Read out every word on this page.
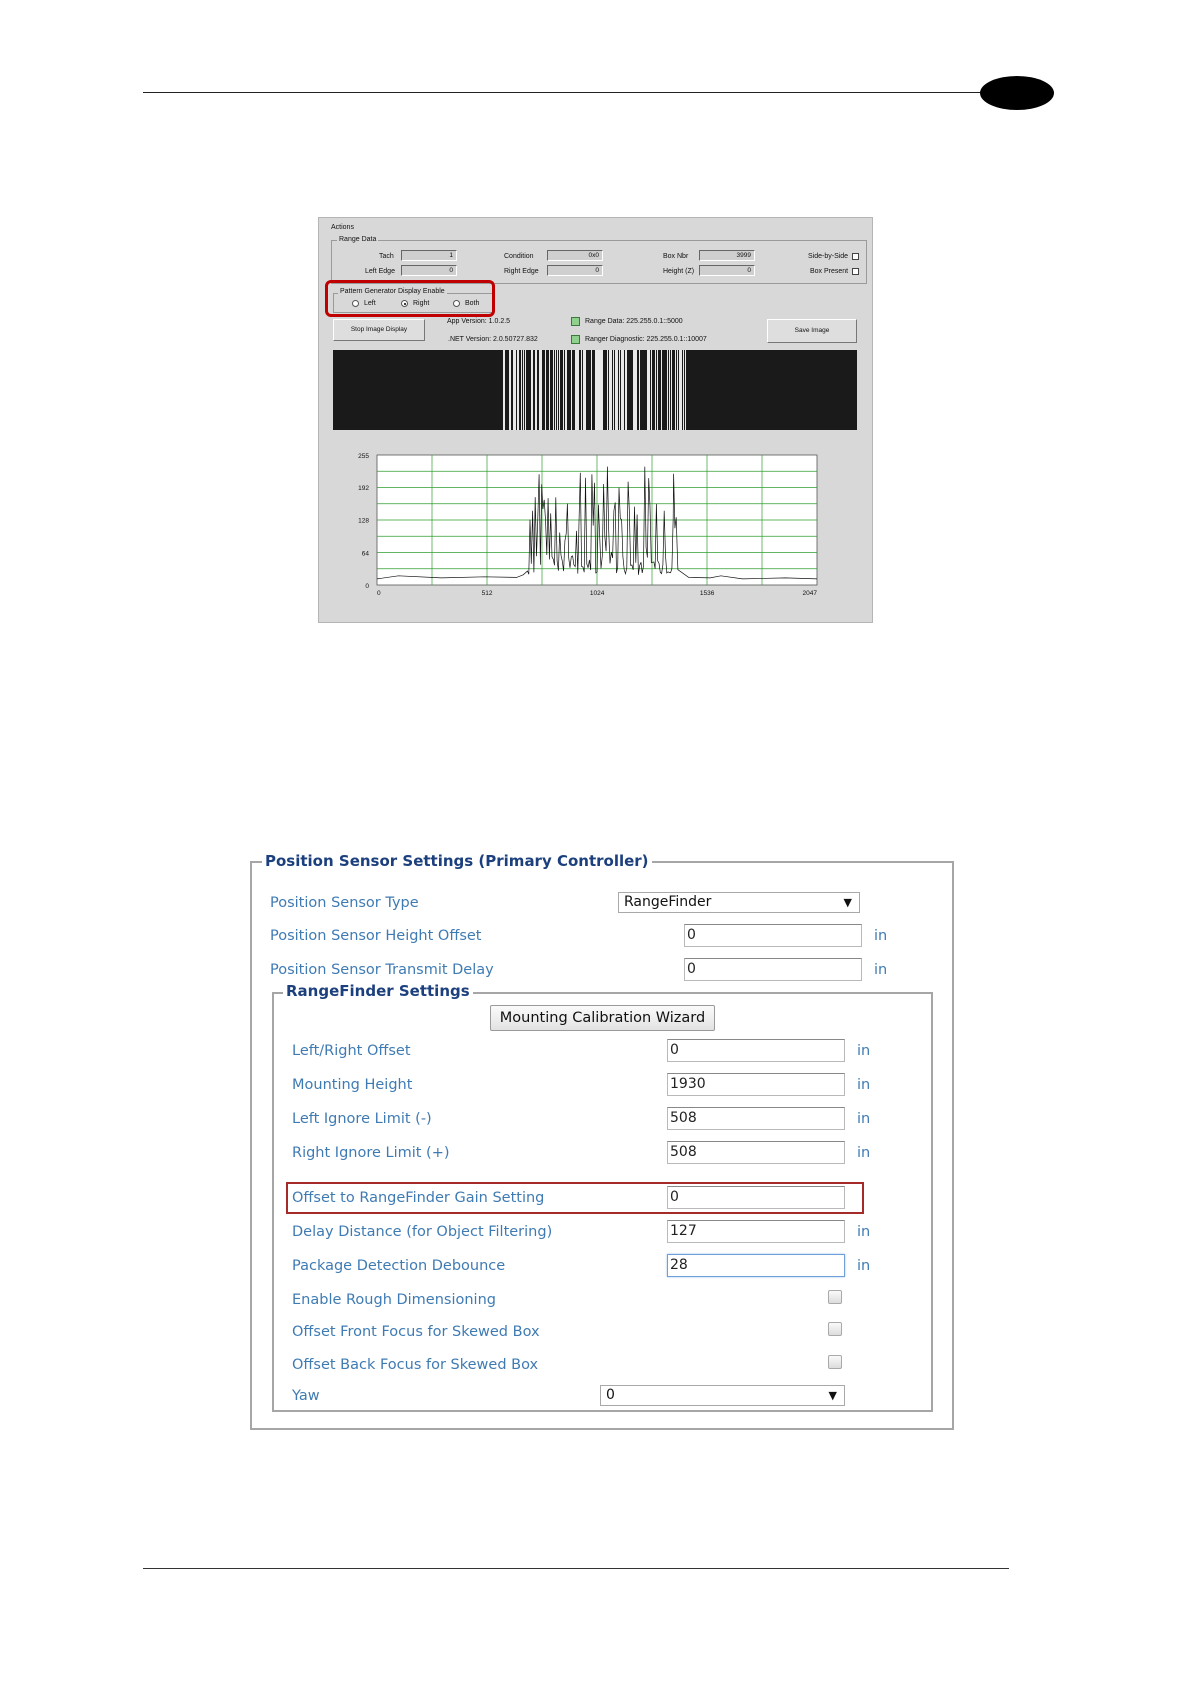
Actions
Range Data
Tach	1
Left Edge	0
Condition	0x0
Right Edge	0
Box Nbr	3999
Height (Z)	0
Side-by-Side
Box Present
Pattern Generator Display Enable
Left	Right	Both
Stop Image Display
App Version: 1.0.2.5
.NET Version: 2.0.50727.832
Range Data: 225.255.0.1::5000
Ranger Diagnostic: 225.255.0.1::10007
Save Image
255
192
128
64
0
0	512	1024	1536	2047
Position Sensor Settings (Primary Controller)
Position Sensor Type	RangeFinder	▼
Position Sensor Height Offset	0	in
Position Sensor Transmit Delay	0	in
RangeFinder Settings
Mounting Calibration Wizard
Left/Right Offset	0	in
Mounting Height	1930	in
Left Ignore Limit (-)	508	in
Right Ignore Limit (+)	508	in
Offset to RangeFinder Gain Setting	0
Delay Distance (for Object Filtering)	127	in
Package Detection Debounce	28	in
Enable Rough Dimensioning
Offset Front Focus for Skewed Box
Offset Back Focus for Skewed Box
Yaw	0	▼
